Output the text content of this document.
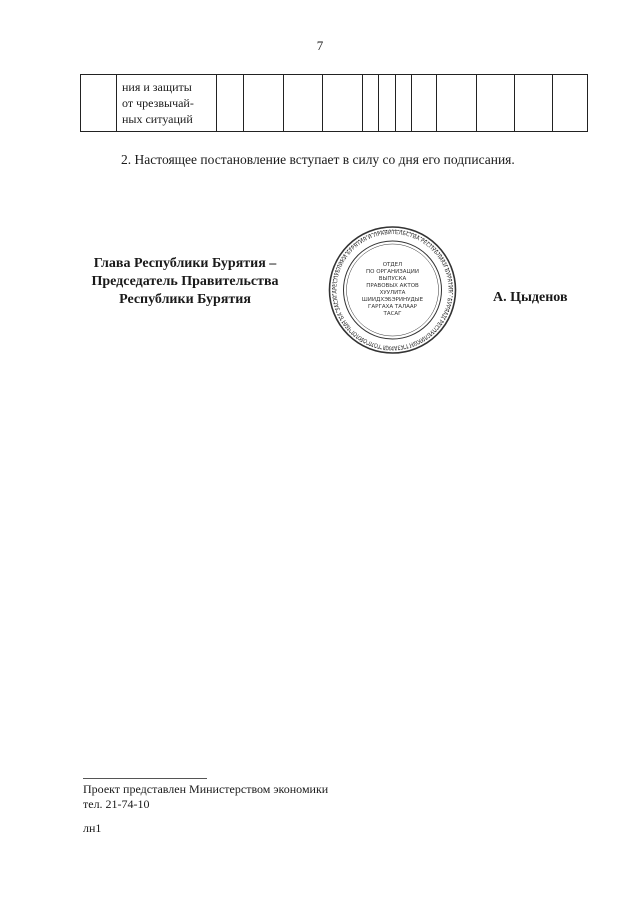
7

ния и защиты
от чрезвычай-
ных ситуаций

2. Настоящее постановление вступает в силу со дня его подписания.
Глава Республики Бурятия –
Председатель Правительства
Республики Бурятия
РЕСПУБЛИКИ БУРЯТИЯ И ПРАВИТЕЛЬСТВА РЕСПУБЛИКИ БУРЯТИЯ · БУРЯАД РЕСПУБЛИКЫН ГАЗАРАЙ ТОЛГОЙЛОГЧЫН БА ЗАСАГА
ОТДЕЛ
ПО ОРГАНИЗАЦИИ
ВЫПУСКА
ПРАВОВЫХ АКТОВ
ХУУЛИТА
ШИИДХЭБЭРИНУДЫЕ
ГАРГАХА ТАЛААР
ТАСАГ
А. Цыденов
Проект представлен Министерством экономики
тел. 21-74-10
лн1
